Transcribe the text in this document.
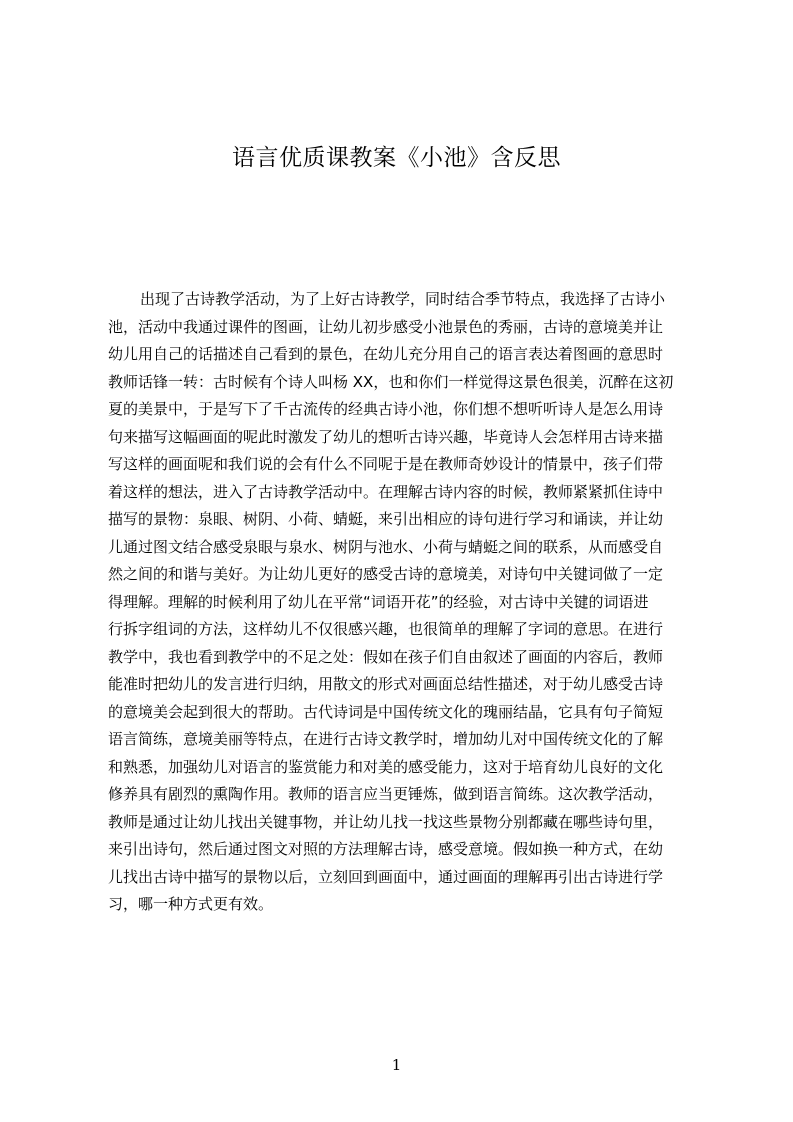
语言优质课教案《小池》含反思
出现了古诗教学活动，为了上好古诗教学，同时结合季节特点，我选择了古诗小
池，活动中我通过课件的图画，让幼儿初步感受小池景色的秀丽，古诗的意境美并让
幼儿用自己的话描述自己看到的景色，在幼儿充分用自己的语言表达着图画的意思时
教师话锋一转：古时候有个诗人叫杨 XX，也和你们一样觉得这景色很美，沉醉在这初
夏的美景中，于是写下了千古流传的经典古诗小池，你们想不想听听诗人是怎么用诗
句来描写这幅画面的呢此时激发了幼儿的想听古诗兴趣，毕竟诗人会怎样用古诗来描
写这样的画面呢和我们说的会有什么不同呢于是在教师奇妙设计的情景中，孩子们带
着这样的想法，进入了古诗教学活动中。在理解古诗内容的时候，教师紧紧抓住诗中
描写的景物：泉眼、树阴、小荷、蜻蜓，来引出相应的诗句进行学习和诵读，并让幼
儿通过图文结合感受泉眼与泉水、树阴与池水、小荷与蜻蜓之间的联系，从而感受自
然之间的和谐与美好。为让幼儿更好的感受古诗的意境美，对诗句中关键词做了一定
得理解。理解的时候利用了幼儿在平常“词语开花”的经验，对古诗中关键的词语进
行拆字组词的方法，这样幼儿不仅很感兴趣，也很简单的理解了字词的意思。在进行
教学中，我也看到教学中的不足之处：假如在孩子们自由叙述了画面的内容后，教师
能准时把幼儿的发言进行归纳，用散文的形式对画面总结性描述，对于幼儿感受古诗
的意境美会起到很大的帮助。古代诗词是中国传统文化的瑰丽结晶，它具有句子简短
语言简练，意境美丽等特点，在进行古诗文教学时，增加幼儿对中国传统文化的了解
和熟悉，加强幼儿对语言的鉴赏能力和对美的感受能力，这对于培育幼儿良好的文化
修养具有剧烈的熏陶作用。教师的语言应当更锤炼，做到语言简练。这次教学活动，
教师是通过让幼儿找出关键事物，并让幼儿找一找这些景物分别都藏在哪些诗句里，
来引出诗句，然后通过图文对照的方法理解古诗，感受意境。假如换一种方式，在幼
儿找出古诗中描写的景物以后，立刻回到画面中，通过画面的理解再引出古诗进行学
习，哪一种方式更有效。
1
